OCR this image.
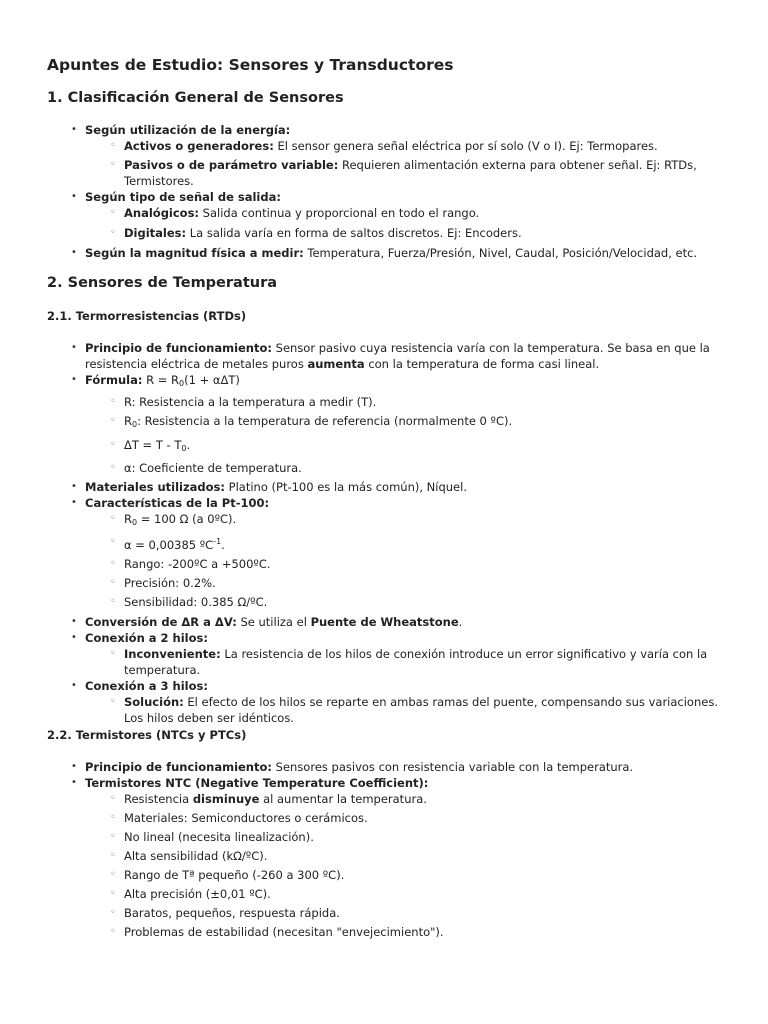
Apuntes de Estudio: Sensores y Transductores
1. Clasificación General de Sensores
• Según utilización de la energía:
◦ Activos o generadores: El sensor genera señal eléctrica por sí solo (V o I). Ej: Termopares.
◦ Pasivos o de parámetro variable: Requieren alimentación externa para obtener señal. Ej: RTDs, Termistores.
• Según tipo de señal de salida:
◦ Analógicos: Salida continua y proporcional en todo el rango.
◦ Digitales: La salida varía en forma de saltos discretos. Ej: Encoders.
• Según la magnitud física a medir: Temperatura, Fuerza/Presión, Nivel, Caudal, Posición/Velocidad, etc.
2. Sensores de Temperatura
2.1. Termorresistencias (RTDs)
• Principio de funcionamiento: Sensor pasivo cuya resistencia varía con la temperatura. Se basa en que la resistencia eléctrica de metales puros aumenta con la temperatura de forma casi lineal.
• Fórmula: $R = R_0(1 + \alpha\Delta T)$
◦ R: Resistencia a la temperatura a medir (T).
◦ $R_0$: Resistencia a la temperatura de referencia (normalmente 0 ºC).
◦ $\Delta T = T - T_0$.
◦ α: Coeficiente de temperatura.
• Materiales utilizados: Platino (Pt-100 es la más común), Níquel.
• Características de la Pt-100:
◦ $R_0 = 100$ Ω (a 0ºC).
◦ α = 0,00385 ºC$^{-1}$.
◦ Rango: -200ºC a +500ºC.
◦ Precisión: 0.2%.
◦ Sensibilidad: 0.385 Ω/ºC.
• Conversión de ΔR a ΔV: Se utiliza el Puente de Wheatstone.
• Conexión a 2 hilos:
◦ Inconveniente: La resistencia de los hilos de conexión introduce un error significativo y varía con la temperatura.
• Conexión a 3 hilos:
◦ Solución: El efecto de los hilos se reparte en ambas ramas del puente, compensando sus variaciones. Los hilos deben ser idénticos.
2.2. Termistores (NTCs y PTCs)
• Principio de funcionamiento: Sensores pasivos con resistencia variable con la temperatura.
• Termistores NTC (Negative Temperature Coefficient):
◦ Resistencia disminuye al aumentar la temperatura.
◦ Materiales: Semiconductores o cerámicos.
◦ No lineal (necesita linealización).
◦ Alta sensibilidad (kΩ/ºC).
◦ Rango de Tª pequeño (-260 a 300 ºC).
◦ Alta precisión (±0,01 ºC).
◦ Baratos, pequeños, respuesta rápida.
◦ Problemas de estabilidad (necesitan "envejecimiento").
